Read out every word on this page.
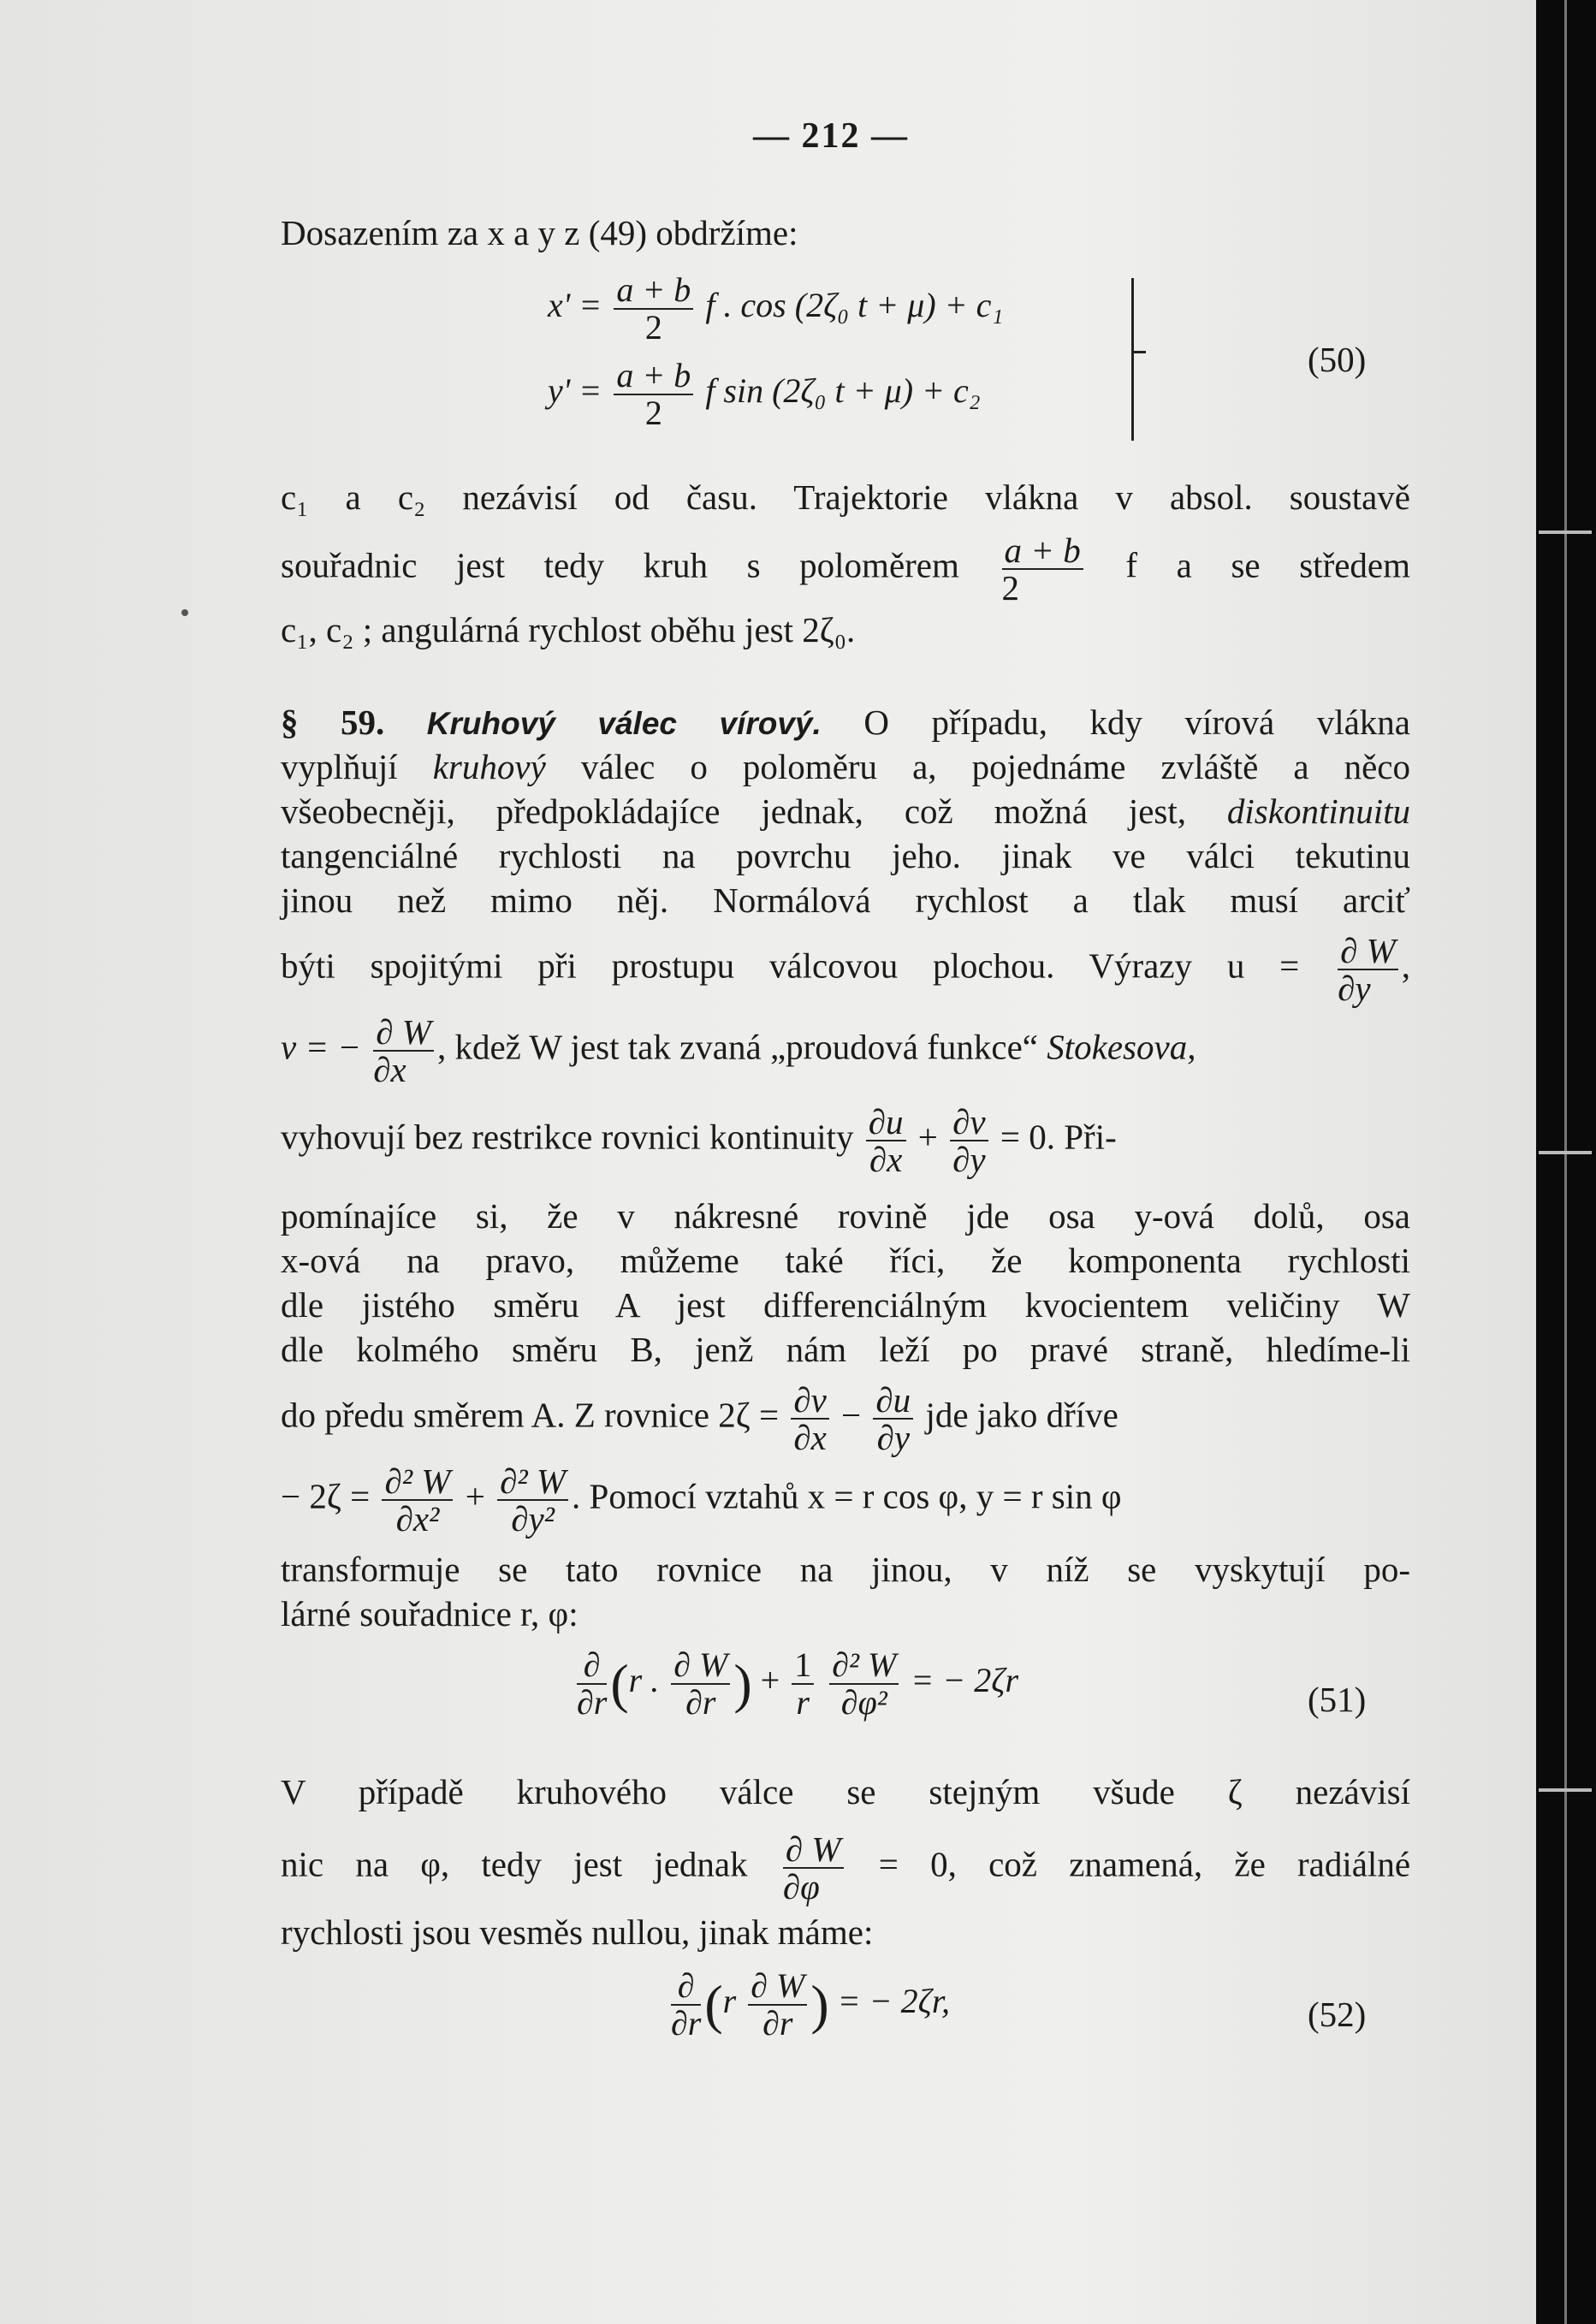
— 212 —
Dosazením za x a y z (49) obdržíme:
$x' = \frac{a + b}{2}$ f . cos (2ζ₀ t + μ) + c₁
$y' = \frac{a + b}{2}$ f sin (2ζ₀ t + μ) + c₂
(50)
c₁ a c₂ nezávisí od času. Trajektorie vlákna v absol. soustavě
souřadnic jest tedy kruh s poloměrem $\frac{a + b}{2}$ f a se středem
c₁, c₂ ; angulárná rychlost oběhu jest 2ζ₀.
§ 59. Kruhový válec vírový. O případu, kdy vírová vlákna
vyplňují kruhový válec o poloměru a, pojednáme zvláště a něco
všeobecněji, předpokládajíce jednak, což možná jest, diskontinuitu
tangenciálné rychlosti na povrchu jeho. jinak ve válci tekutinu
jinou než mimo něj. Normálová rychlost a tlak musí arciť
býti spojitými při prostupu válcovou plochou. Výrazy $u = \frac{\partial W}{\partial y}$ ,
v = − $\frac{\partial W}{\partial x}$ , kdež W jest tak zvaná „proudová funkce“ Stokesova,
vyhovují bez restrikce rovnici kontinuity $\frac{\partial u}{\partial x} + \frac{\partial v}{\partial y} = 0$. Při-
pomínajíce si, že v nákresné rovině jde osa y-ová dolů, osa
x-ová na pravo, můžeme také říci, že komponenta rychlosti
dle jistého směru A jest differenciálným kvocientem veličiny W
dle kolmého směru B, jenž nám leží po pravé straně, hledíme-li
do předu směrem A. Z rovnice $2\zeta = \frac{\partial v}{\partial x} - \frac{\partial u}{\partial y}$ jde jako dříve
− $2\zeta = \frac{\text{∂² W}}{\text{∂x²}} + \frac{\text{∂² W}}{\text{∂y²}}$ . Pomocí vztahů x = r cos φ, y = r sin φ
transformuje se tato rovnice na jinou, v níž se vyskytují po-
lárné souřadnice r, φ:
$\frac{\partial}{\partial r} (r$ . $\frac{\partial W}{\partial r}$ ) + $\frac{1}{r}$
$\frac{\text{∂² W}}{\text{∂φ²}}$ = − 2ζr	(51)
V případě kruhového válce se stejným všude ζ nezávisí
nic na φ, tedy jest jednak $\frac{\partial W}{\partial\varphi} = 0$, což znamená, že radiálné
rychlosti jsou vesměs nullou, jinak máme:
$\frac{\partial}{\partial r} (r \frac{\partial W}{\partial r}$ ) = − 2ζr,	(52)
